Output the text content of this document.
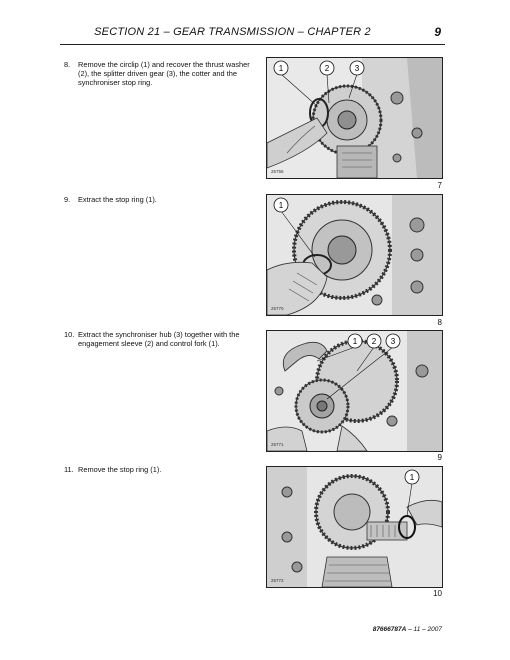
SECTION 21 – GEAR TRANSMISSION – CHAPTER 2	9
8.	Remove the circlip (1) and recover the thrust washer (2), the splitter driven gear (3), the cotter and the synchroniser stop ring.
1	2	3
25756
7
9.	Extract the stop ring (1).
1
25770
8
10. Extract the synchroniser hub (3) together with the engagement sleeve (2) and control fork (1).	1 2 3
25771
9
11. Remove the stop ring (1).
1
25772
10
87666787A – 11 – 2007
